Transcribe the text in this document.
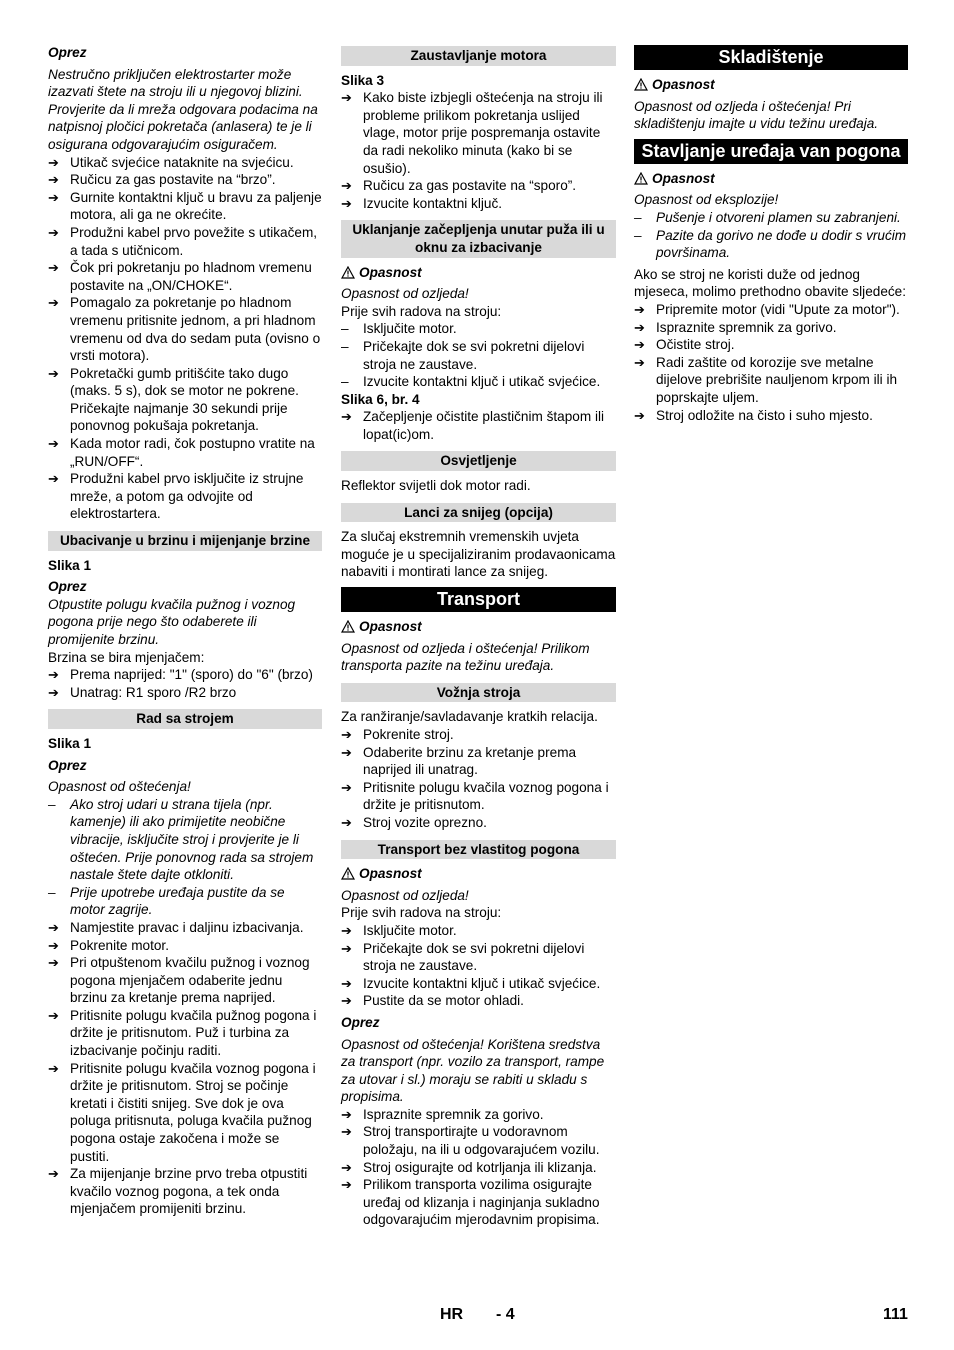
Oprez

Nestručno priključen elektrostarter može izazvati štete na stroju ili u njegovoj blizini. Provjerite da li mreža odgovara podacima na natpisnoj pločici pokretača (anlasera) te je li osigurana odgovarajućim osiguračem.

➔ Utikač svjećice nataknite na svjećicu.
➔ Ručicu za gas postavite na “brzo”.
➔ Gurnite kontaktni ključ u bravu za paljenje motora, ali ga ne okrećite.
➔ Produžni kabel prvo povežite s utikačem, a tada s utičnicom.
➔ Čok pri pokretanju po hladnom vremenu postavite na „ON/CHOKE“.
➔ Pomagalo za pokretanje po hladnom vremenu pritisnite jednom, a pri hladnom vremenu od dva do sedam puta (ovisno o vrsti motora).
➔ Pokretački gumb pritišćite tako dugo (maks. 5 s), dok se motor ne pokrene. Pričekajte najmanje 30 sekundi prije ponovnog pokušaja pokretanja.
➔ Kada motor radi, čok postupno vratite na „RUN/OFF“.
➔ Produžni kabel prvo isključite iz strujne mreže, a potom ga odvojite od elektrostartera.
Ubacivanje u brzinu i mijenjanje brzine

Slika 1

Oprez

Otpustite polugu kvačila pužnog i voznog pogona prije nego što odaberete ili promijenite brzinu.

Brzina se bira mjenjačem:

➔ Prema naprijed: "1" (sporo) do "6" (brzo)
➔ Unatrag: R1 sporo /R2 brzo
Rad sa strojem

Slika 1

Oprez

Opasnost od oštećenja!

– Ako stroj udari u strana tijela (npr. kamenje) ili ako primijetite neobične vibracije, isključite stroj i provjerite je li oštećen. Prije ponovnog rada sa strojem nastale štete dajte otkloniti.
– Prije upotrebe uređaja pustite da se motor zagrije.
➔ Namjestite pravac i daljinu izbacivanja.
➔ Pokrenite motor.
➔ Pri otpuštenom kvačilu pužnog i voznog pogona mjenjačem odaberite jednu brzinu za kretanje prema naprijed.
➔ Pritisnite polugu kvačila pužnog pogona i držite je pritisnutom. Puž i turbina za izbacivanje počinju raditi.
➔ Pritisnite polugu kvačila voznog pogona i držite je pritisnutom. Stroj se počinje kretati i čistiti snijeg. Sve dok je ova poluga pritisnuta, poluga kvačila pužnog pogona ostaje zakočena i može se pustiti.
➔ Za mijenjanje brzine prvo treba otpustiti kvačilo voznog pogona, a tek onda mjenjačem promijeniti brzinu.
Zaustavljanje motora

Slika 3

➔ Kako biste izbjegli oštećenja na stroju ili probleme prilikom pokretanja uslijed vlage, motor prije pospremanja ostavite da radi nekoliko minuta (kako bi se osušio).
➔ Ručicu za gas postavite na “sporo”.
➔ Izvucite kontaktni ključ.
Uklanjanje začepljenja unutar puža ili u oknu za izbacivanje
Opasnost

Opasnost od ozljeda!

Prije svih radova na stroju:

– Isključite motor.
– Pričekajte dok se svi pokretni dijelovi stroja ne zaustave.
– Izvucite kontaktni ključ i utikač svjećice.

Slika 6, br. 4

➔ Začepljenje očistite plastičnim štapom ili lopat(ic)om.
Osvjetljenje

Reflektor svijetli dok motor radi.

Lanci za snijeg (opcija)

Za slučaj ekstremnih vremenskih uvjeta moguće je u specijaliziranim prodavaonicama nabaviti i montirati lance za snijeg.

Transport
Opasnost

Opasnost od ozljeda i oštećenja! Prilikom transporta pazite na težinu uređaja.

Vožnja stroja

Za ranžiranje/savladavanje kratkih relacija.

➔ Pokrenite stroj.
➔ Odaberite brzinu za kretanje prema naprijed ili unatrag.
➔ Pritisnite polugu kvačila voznog pogona i držite je pritisnutom.
➔ Stroj vozite oprezno.
Transport bez vlastitog pogona
Opasnost

Opasnost od ozljeda!

Prije svih radova na stroju:

➔ Isključite motor.
➔ Pričekajte dok se svi pokretni dijelovi stroja ne zaustave.
➔ Izvucite kontaktni ključ i utikač svjećice.
➔ Pustite da se motor ohladi.

Oprez

Opasnost od oštećenja! Korištena sredstva za transport (npr. vozilo za transport, rampe za utovar i sl.) moraju se rabiti u skladu s propisima.

➔ Ispraznite spremnik za gorivo.
➔ Stroj transportirajte u vodoravnom položaju, na ili u odgovarajućem vozilu.
➔ Stroj osigurajte od kotrljanja ili klizanja.
➔ Prilikom transporta vozilima osigurajte uređaj od klizanja i naginjanja sukladno odgovarajućim mjerodavnim propisima.
Skladištenje
Opasnost

Opasnost od ozljeda i oštećenja! Pri skladištenju imajte u vidu težinu uređaja.

Stavljanje uređaja van pogona
Opasnost

Opasnost od eksplozije!

– Pušenje i otvoreni plamen su zabranjeni.
– Pazite da gorivo ne dođe u dodir s vrućim površinama.

Ako se stroj ne koristi duže od jednog mjeseca, molimo prethodno obavite sljedeće:

➔ Pripremite motor (vidi "Upute za motor").
➔ Ispraznite spremnik za gorivo.
➔ Očistite stroj.
➔ Radi zaštite od korozije sve metalne dijelove prebrišite nauljenom krpom ili ih poprskajte uljem.
➔ Stroj odložite na čisto i suho mjesto.
HR - 4	111
